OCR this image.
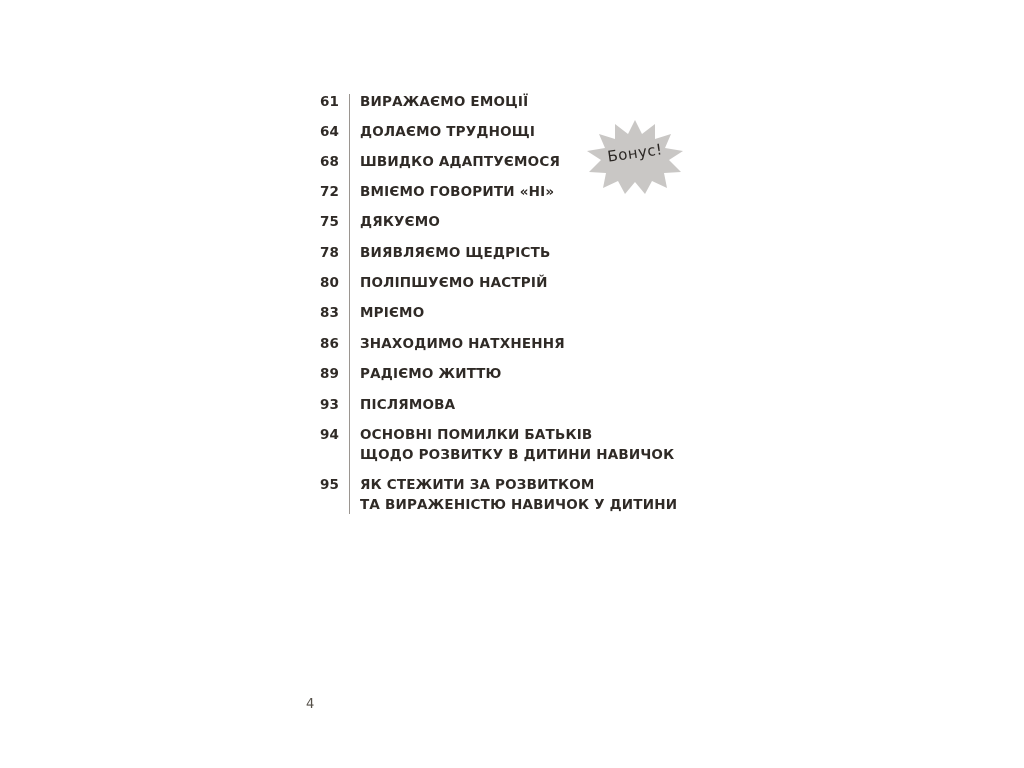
61 ВИРАЖАЄМО ЕМОЦІЇ
64 ДОЛАЄМО ТРУДНОЩІ
68 ШВИДКО АДАПТУЄМОСЯ
72 ВМІЄМО ГОВОРИТИ «НІ»
75 ДЯКУЄМО
78 ВИЯВЛЯЄМО ЩЕДРІСТЬ
80 ПОЛІПШУЄМО НАСТРІЙ
83 МРІЄМО
86 ЗНАХОДИМО НАТХНЕННЯ
89 РАДІЄМО ЖИТТЮ
93 ПІСЛЯМОВА
94 ОСНОВНІ ПОМИЛКИ БАТЬКІВ
ЩОДО РОЗВИТКУ В ДИТИНИ НАВИЧОК
95 ЯК СТЕЖИТИ ЗА РОЗВИТКОМ
ТА ВИРАЖЕНІСТЮ НАВИЧОК У ДИТИНИ
Бонус!
4
